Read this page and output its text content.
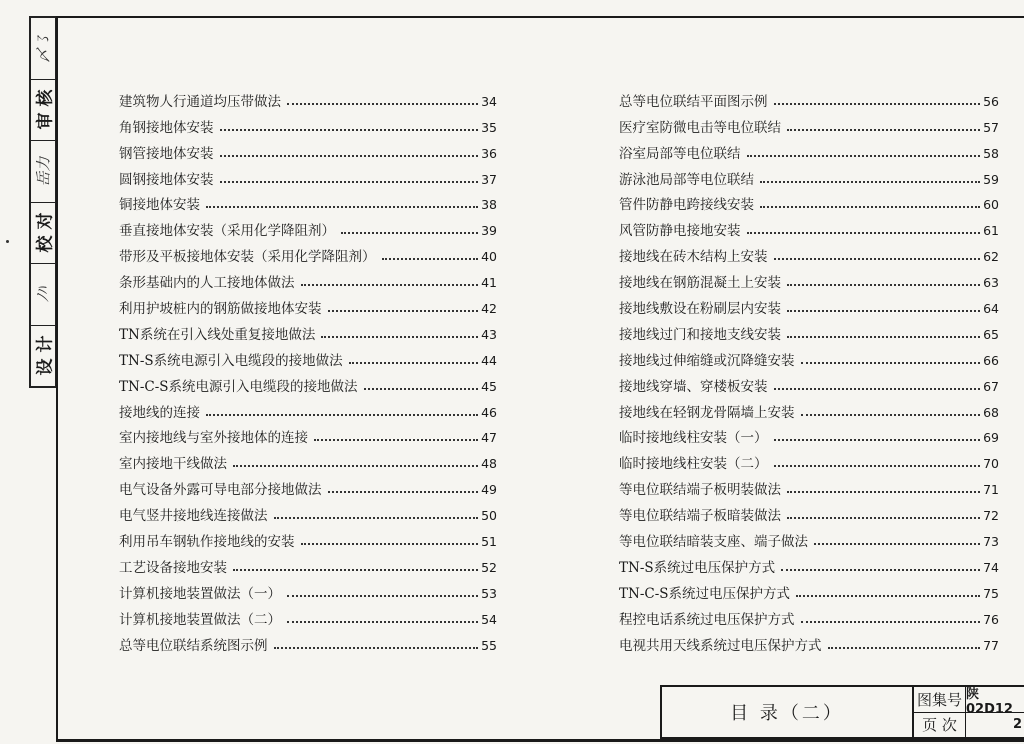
〆㇌
审 核
岳力
校 对
ﾉﾊ
设 计
建筑物人行通道均压带做法	34
角钢接地体安装	35
钢管接地体安装	36
圆钢接地体安装	37
铜接地体安装	38
垂直接地体安装（采用化学降阻剂）	39
带形及平板接地体安装（采用化学降阻剂）	40
条形基础内的人工接地体做法	41
利用护坡桩内的钢筋做接地体安装	42
TN系统在引入线处重复接地做法	43
TN-S系统电源引入电缆段的接地做法	44
TN-C-S系统电源引入电缆段的接地做法	45
接地线的连接	46
室内接地线与室外接地体的连接	47
室内接地干线做法	48
电气设备外露可导电部分接地做法	49
电气竖井接地线连接做法	50
利用吊车钢轨作接地线的安装	51
工艺设备接地安装	52
计算机接地装置做法（一）	53
计算机接地装置做法（二）	54
总等电位联结系统图示例	55
总等电位联结平面图示例	56
医疗室防微电击等电位联结	57
浴室局部等电位联结	58
游泳池局部等电位联结	59
管件防静电跨接线安装	60
风管防静电接地安装	61
接地线在砖木结构上安装	62
接地线在钢筋混凝土上安装	63
接地线敷设在粉刷层内安装	64
接地线过门和接地支线安装	65
接地线过伸缩缝或沉降缝安装	66
接地线穿墙、穿楼板安装	67
接地线在轻钢龙骨隔墙上安装	68
临时接地线柱安装（一）	69
临时接地线柱安装（二）	70
等电位联结端子板明装做法	71
等电位联结端子板暗装做法	72
等电位联结暗装支座、端子做法	73
TN-S系统过电压保护方式	74
TN-C-S系统过电压保护方式	75
程控电话系统过电压保护方式	76
电视共用天线系统过电压保护方式	77
目 录（二）
图集号 陕02D12
页 次	2
